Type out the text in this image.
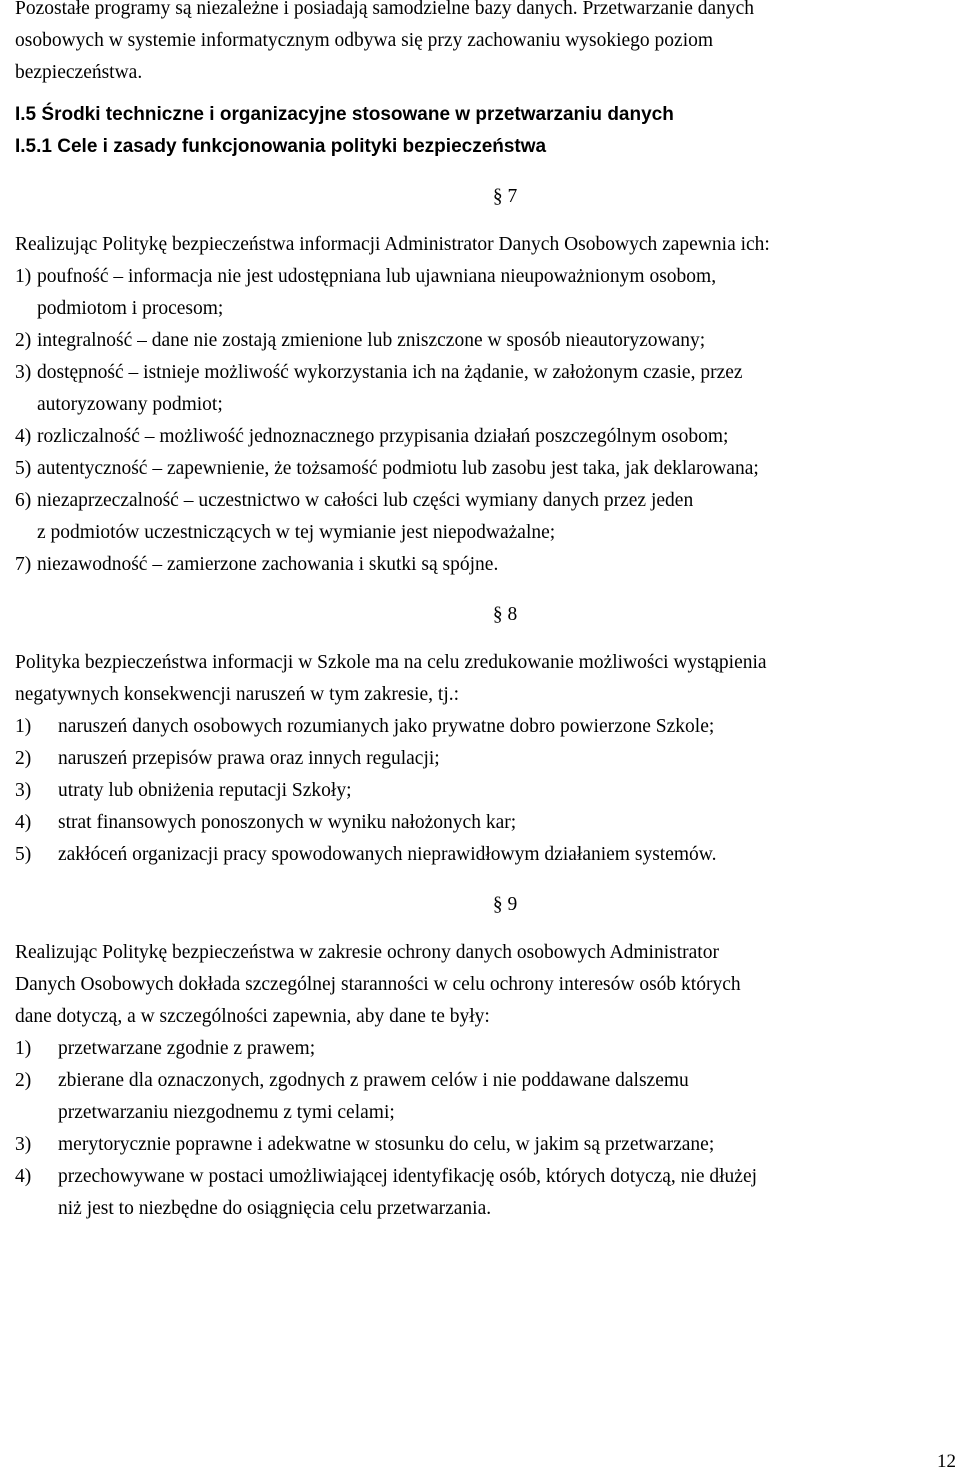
Pozostałe programy są niezależne i posiadają samodzielne bazy danych. Przetwarzanie danych

osobowych w systemie informatycznym odbywa się przy zachowaniu wysokiego poziom

bezpieczeństwa.

I.5 Środki techniczne i organizacyjne stosowane w przetwarzaniu danych

I.5.1 Cele i zasady funkcjonowania polityki bezpieczeństwa

§ 7

Realizując Politykę bezpieczeństwa informacji Administrator Danych Osobowych zapewnia ich:

1) poufność – informacja nie jest udostępniana lub ujawniana nieupoważnionym osobom,
podmiotom i procesom;
2) integralność – dane nie zostają zmienione lub zniszczone w sposób nieautoryzowany;
3) dostępność – istnieje możliwość wykorzystania ich na żądanie, w założonym czasie, przez
autoryzowany podmiot;
4) rozliczalność – możliwość jednoznacznego przypisania działań poszczególnym osobom;
5) autentyczność – zapewnienie, że tożsamość podmiotu lub zasobu jest taka, jak deklarowana;
6) niezaprzeczalność – uczestnictwo w całości lub części wymiany danych przez jeden
z podmiotów uczestniczących w tej wymianie jest niepodważalne;
7) niezawodność – zamierzone zachowania i skutki są spójne.
§ 8

Polityka bezpieczeństwa informacji w Szkole ma na celu zredukowanie możliwości wystąpienia

negatywnych konsekwencji naruszeń w tym zakresie, tj.:

1) naruszeń danych osobowych rozumianych jako prywatne dobro powierzone Szkole;
2) naruszeń przepisów prawa oraz innych regulacji;
3) utraty lub obniżenia reputacji Szkoły;
4) strat finansowych ponoszonych w wyniku nałożonych kar;
5) zakłóceń organizacji pracy spowodowanych nieprawidłowym działaniem systemów.
§ 9

Realizując Politykę bezpieczeństwa w zakresie ochrony danych osobowych Administrator

Danych Osobowych dokłada szczególnej staranności w celu ochrony interesów osób których

dane dotyczą, a w szczególności zapewnia, aby dane te były:

1) przetwarzane zgodnie z prawem;
2) zbierane dla oznaczonych, zgodnych z prawem celów i nie poddawane dalszemu
przetwarzaniu niezgodnemu z tymi celami;
3) merytorycznie poprawne i adekwatne w stosunku do celu, w jakim są przetwarzane;
4) przechowywane w postaci umożliwiającej identyfikację osób, których dotyczą, nie dłużej
niż jest to niezbędne do osiągnięcia celu przetwarzania.
12
